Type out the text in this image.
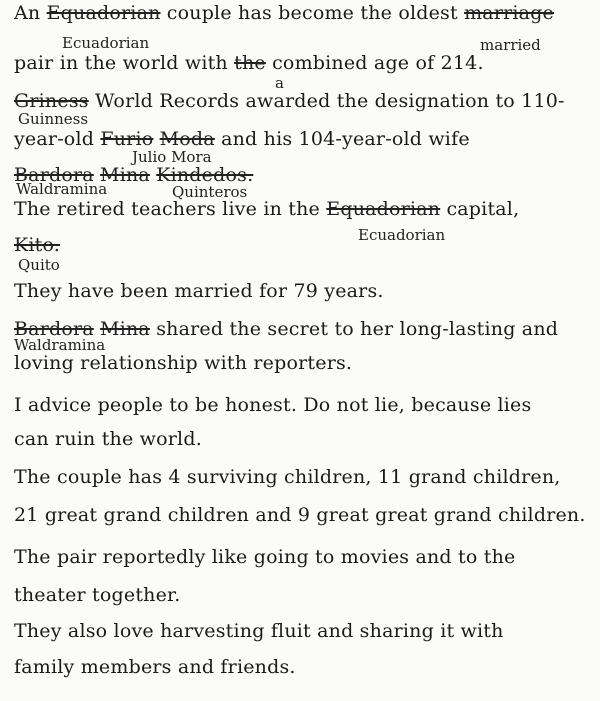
An Equadorian couple has become the oldest marriage
Ecuadorian	married
pair in the world with the combined age of 214.
a
Griness World Records awarded the designation to 110-
Guinness
year-old Furio Moda and his 104-year-old wife
Julio Mora
Bardora Mina Kindedos.
Waldramina	Quinteros
The retired teachers live in the Equadorian capital,
Ecuadorian
Kito.
Quito
They have been married for 79 years.
Bardora Mina shared the secret to her long-lasting and
Waldramina
loving relationship with reporters.
I advice people to be honest. Do not lie, because lies
can ruin the world.
The couple has 4 surviving children, 11 grand children,
21 great grand children and 9 great great grand children.
The pair reportedly like going to movies and to the
theater together.
They also love harvesting fluit and sharing it with
family members and friends.
